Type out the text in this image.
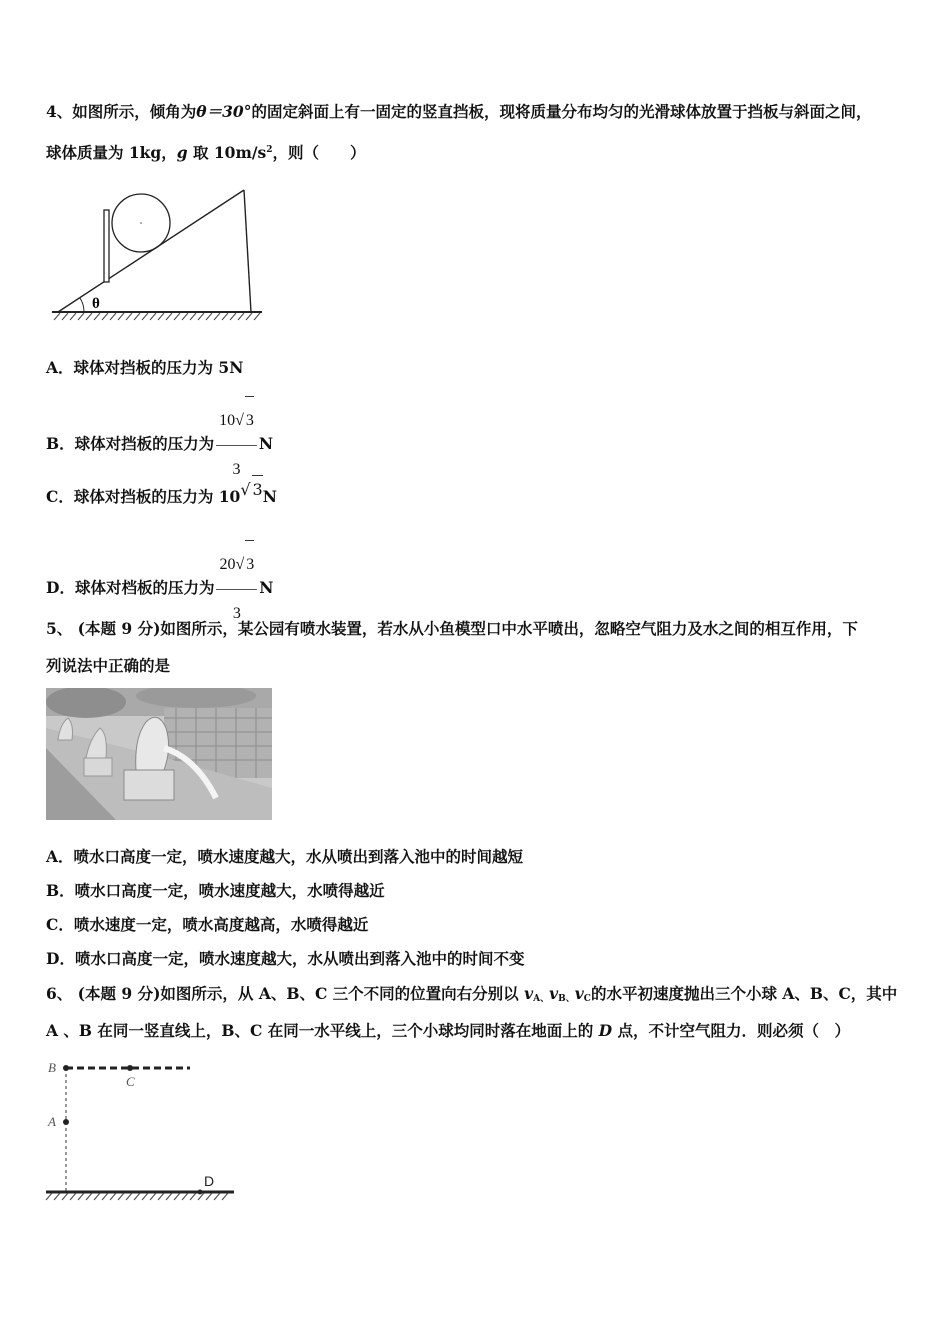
4、如图所示，倾角为θ＝30°的固定斜面上有一固定的竖直挡板，现将质量分布均匀的光滑球体放置于挡板与斜面之间，
球体质量为 1kg，g 取 $10m/s^2$，则（　　）
θ
A．球体对挡板的压力为 5N
B．球体对挡板的压力为 $\frac{10√ 3}{3}$ N
C．球体对挡板的压力为 10√ 3N
D．球体对档板的压力为 $\frac{20√ 3}{3}$ N
5、 (本题 9 分)如图所示，某公园有喷水装置，若水从小鱼模型口中水平喷出，忽略空气阻力及水之间的相互作用，下
列说法中正确的是
A．喷水口高度一定，喷水速度越大，水从喷出到落入池中的时间越短
B．喷水口高度一定，喷水速度越大，水喷得越近
C．喷水速度一定，喷水高度越高，水喷得越近
D．喷水口高度一定，喷水速度越大，水从喷出到落入池中的时间不变
6、 (本题 9 分)如图所示，从 A、B、C 三个不同的位置向右分别以 $v_{A、}v_{B、}v_C$的水平初速度抛出三个小球 A、B、C，其中
A 、B 在同一竖直线上，B、C 在同一水平线上，三个小球均同时落在地面上的 D 点，不计空气阻力．则必须（　）
B
C
A
D
